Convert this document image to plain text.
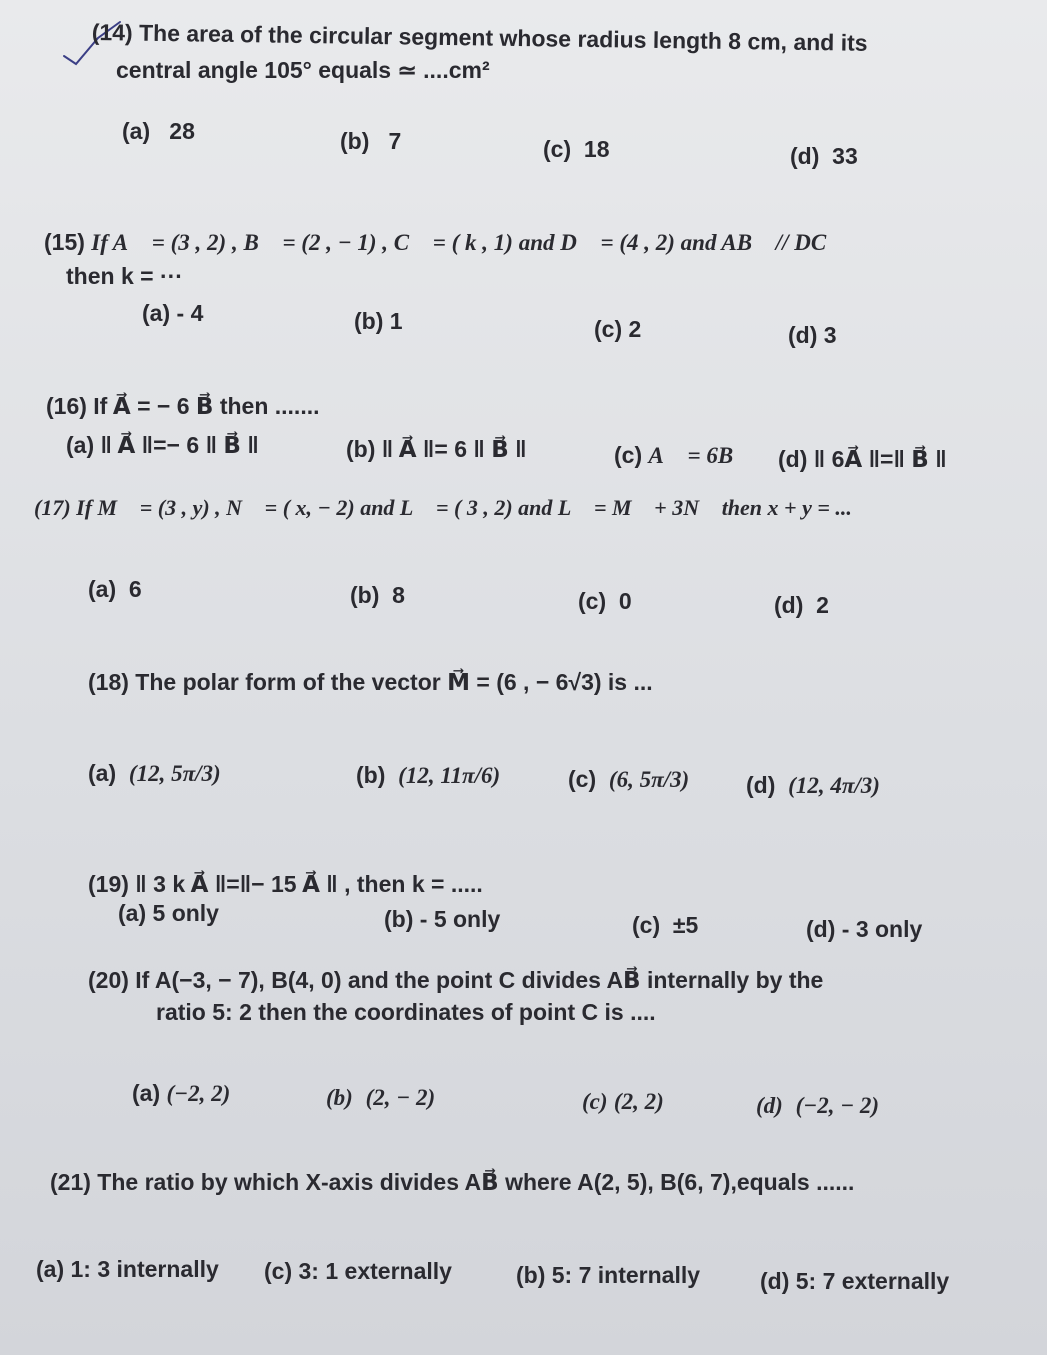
(14) The area of the circular segment whose radius length 8 cm, and its
central angle 105° equals ≃ ....cm²
(a) 28	(b) 7	(c) 18	(d) 33
(15) If A⃗ = (3 , 2) , B⃗ = (2 , − 1) , C⃗ = ( k , 1) and D⃗ = (4 , 2) and AB⃗ // DC⃗
then k = ···
(a) - 4	(b) 1	(c) 2	(d) 3
(16) If A⃗ = − 6 B⃗ then .......
(a) ‖ A⃗ ‖=− 6 ‖ B⃗ ‖	(b) ‖ A⃗ ‖= 6 ‖ B⃗ ‖	(c) A⃗ = 6B⃗ (d) ‖ 6A⃗ ‖=‖ B⃗ ‖
(17) If M⃗ = (3 , y) , N⃗ = ( x, − 2) and L⃗ = ( 3 , 2) and L⃗ = M⃗ + 3N⃗ then x + y = ...
(a) 6	(b) 8	(c) 0	(d) 2
(18) The polar form of the vector M⃗ = (6 , − 6√3) is ...
(a) (12, 5π/3)	(b) (12, 11π/6)	(c) (6, 5π/3) (d) (12, 4π/3)
(19) ‖ 3 k A⃗ ‖=‖− 15 A⃗ ‖ , then k = .....
(a) 5 only	(b) - 5 only	(c) ±5	(d) - 3 only
(20) If A(−3, − 7), B(4, 0) and the point C divides AB⃗ internally by the
ratio 5: 2 then the coordinates of point C is ....
(a) (−2, 2)	(b) (2, − 2)	(c) (2, 2)	(d) (−2, − 2)
(21) The ratio by which X-axis divides AB⃗ where A(2, 5), B(6, 7),equals ......
(a) 1: 3 internally (c) 3: 1 externally	(b) 5: 7 internally	(d) 5: 7 externally
